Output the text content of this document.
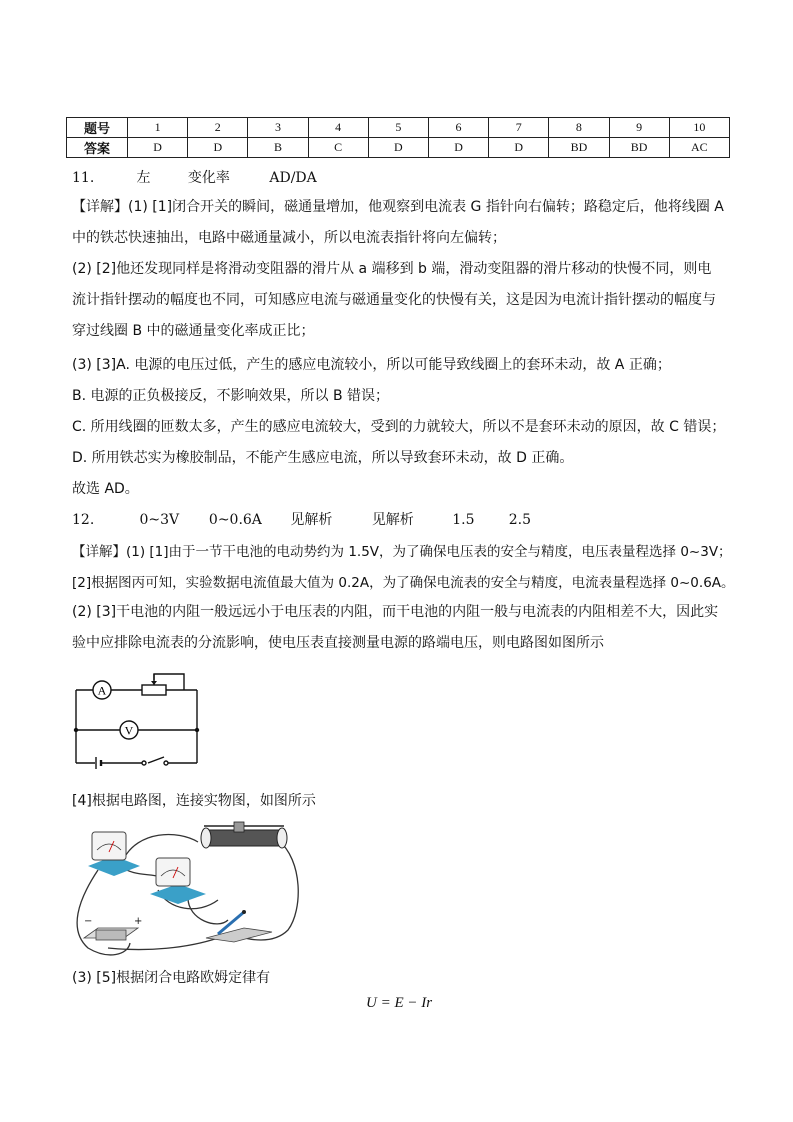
题号	1	2	3	4	5	6	7	8	9	10
答案	D	D	B	C	D	D	D	BD	BD	AC
11.	左	变化率	AD/DA
【详解】(1) [1]闭合开关的瞬间，磁通量增加，他观察到电流表 G 指针向右偏转；路稳定后，他将线圈 A 中的铁芯快速抽出，电路中磁通量减小，所以电流表指针将向左偏转；
(2) [2]他还发现同样是将滑动变阻器的滑片从 a 端移到 b 端，滑动变阻器的滑片移动的快慢不同，则电流计指针摆动的幅度也不同，可知感应电流与磁通量变化的快慢有关，这是因为电流计指针摆动的幅度与穿过线圈 B 中的磁通量变化率成正比；
(3) [3]A. 电源的电压过低，产生的感应电流较小，所以可能导致线圈上的套环未动，故 A 正确；
B. 电源的正负极接反，不影响效果，所以 B 错误；
C. 所用线圈的匝数太多，产生的感应电流较大，受到的力就较大，所以不是套环未动的原因，故 C 错误；
D. 所用铁芯实为橡胶制品，不能产生感应电流，所以导致套环未动，故 D 正确。
故选 AD。
12.	0~3V 0~0.6A 见解析	见解析	1.5 2.5
【详解】(1) [1]由于一节干电池的电动势约为 1.5V，为了确保电压表的安全与精度，电压表量程选择 0~3V；
[2]根据图丙可知，实验数据电流值最大值为 0.2A，为了确保电流表的安全与精度，电流表量程选择 0~0.6A。
(2) [3]干电池的内阻一般远远小于电压表的内阻，而干电池的内阻一般与电流表的内阻相差不大，因此实验中应排除电流表的分流影响，使电压表直接测量电源的路端电压，则电路图如图所示
A
V
[4]根据电路图，连接实物图，如图所示
−	+
(3) [5]根据闭合电路欧姆定律有
U = E − Ir
